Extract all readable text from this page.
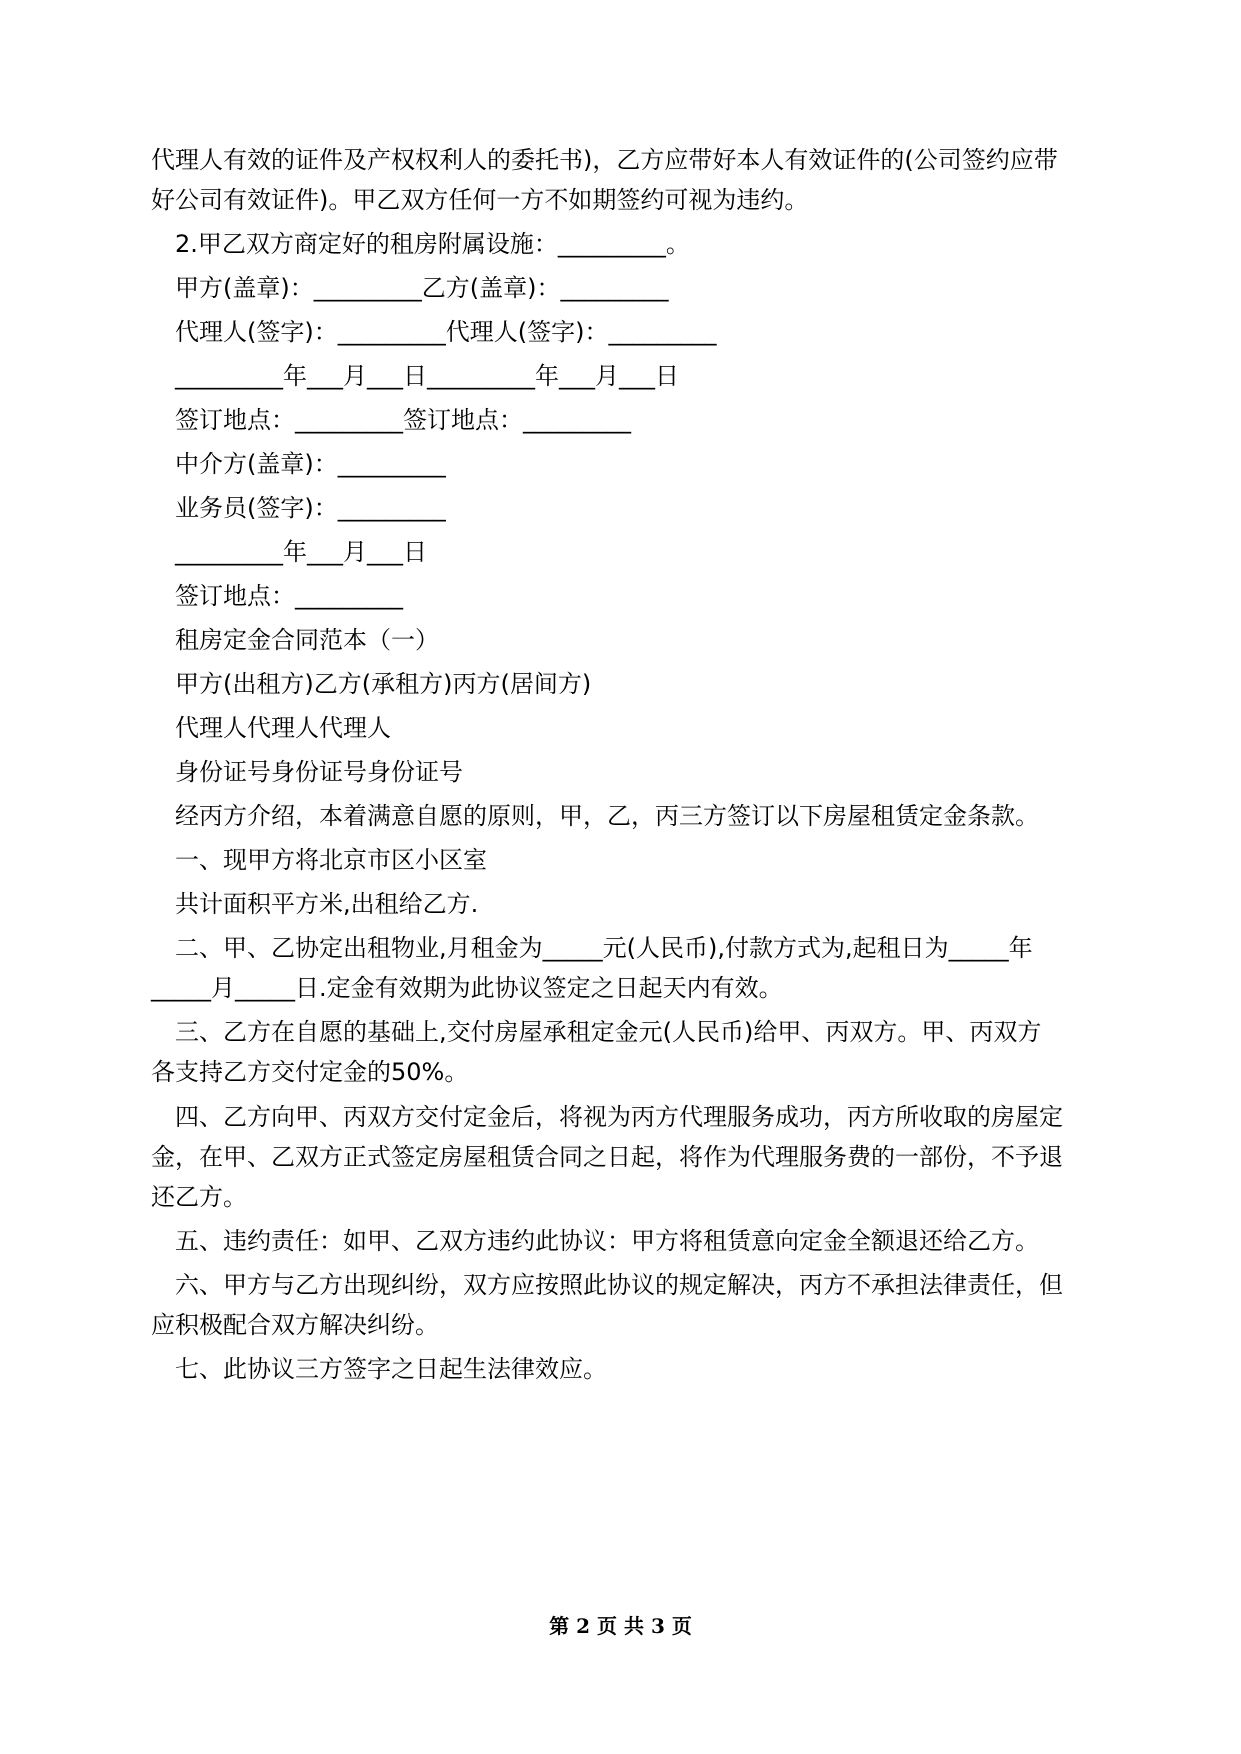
代理人有效的证件及产权权利人的委托书)，乙方应带好本人有效证件的(公司签约应带
好公司有效证件)。甲乙双方任何一方不如期签约可视为违约。
2.甲乙双方商定好的租房附属设施：_________。
甲方(盖章)：_________乙方(盖章)：_________
代理人(签字)：_________代理人(签字)：_________
_________年___月___日_________年___月___日
签订地点：_________签订地点：_________
中介方(盖章)：_________
业务员(签字)：_________
_________年___月___日
签订地点：_________
租房定金合同范本（一）
甲方(出租方)乙方(承租方)丙方(居间方)
代理人代理人代理人
身份证号身份证号身份证号
经丙方介绍，本着满意自愿的原则，甲，乙，丙三方签订以下房屋租赁定金条款。
一、现甲方将北京市区小区室
共计面积平方米,出租给乙方.
二、甲、乙协定出租物业,月租金为_____元(人民币),付款方式为,起租日为_____年
_____月_____日.定金有效期为此协议签定之日起天内有效。
三、乙方在自愿的基础上,交付房屋承租定金元(人民币)给甲、丙双方。甲、丙双方
各支持乙方交付定金的50%。
四、乙方向甲、丙双方交付定金后，将视为丙方代理服务成功，丙方所收取的房屋定
金，在甲、乙双方正式签定房屋租赁合同之日起，将作为代理服务费的一部份，不予退
还乙方。
五、违约责任：如甲、乙双方违约此协议：甲方将租赁意向定金全额退还给乙方。
六、甲方与乙方出现纠纷，双方应按照此协议的规定解决，丙方不承担法律责任，但
应积极配合双方解决纠纷。
七、此协议三方签字之日起生法律效应。
第 2 页 共 3 页
